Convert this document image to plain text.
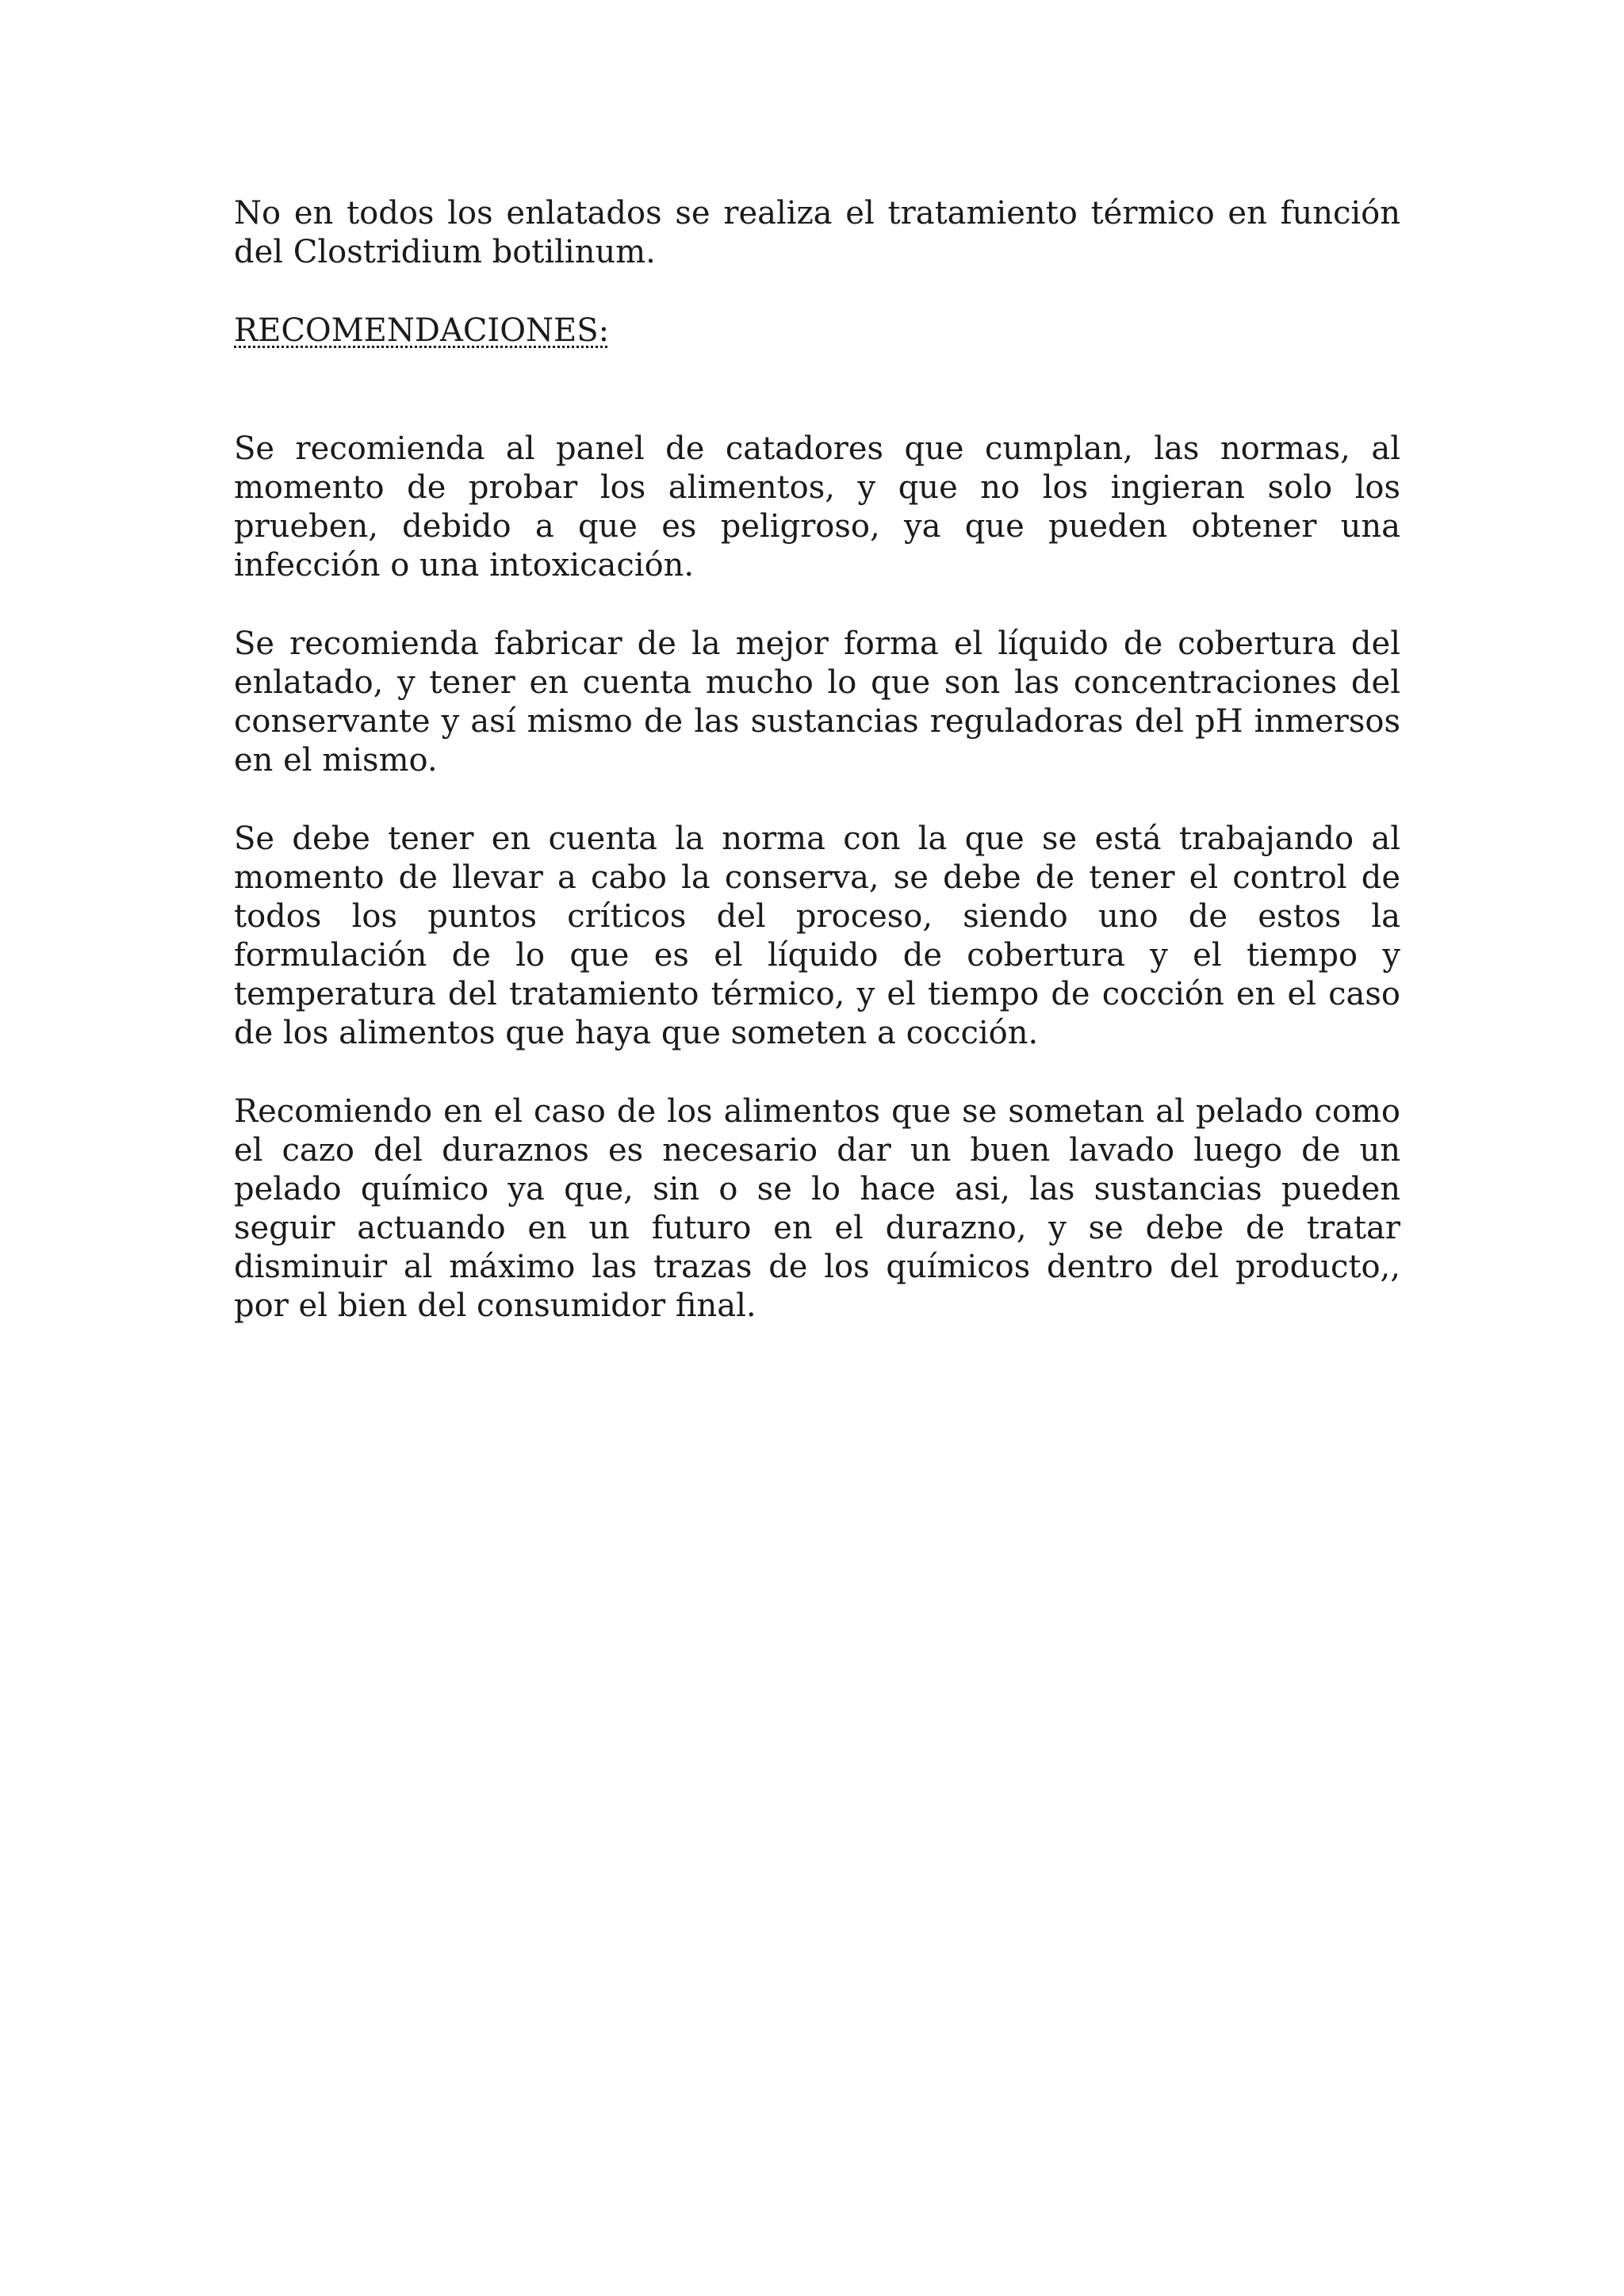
No en todos los enlatados se realiza el tratamiento térmico en función del Clostridium botilinum.

RECOMENDACIONES:

Se recomienda al panel de catadores que cumplan, las normas, al momento de probar los alimentos, y que no los ingieran solo los prueben, debido a que es peligroso, ya que pueden obtener una infección o una intoxicación.

Se recomienda fabricar de la mejor forma el líquido de cobertura del enlatado, y tener en cuenta mucho lo que son las concentraciones del conservante y así mismo de las sustancias reguladoras del pH inmersos en el mismo.

Se debe tener en cuenta la norma con la que se está trabajando al momento de llevar a cabo la conserva, se debe de tener el control de todos los puntos críticos del proceso, siendo uno de estos la formulación de lo que es el líquido de cobertura y el tiempo y temperatura del tratamiento térmico, y el tiempo de cocción en el caso de los alimentos que haya que someten a cocción.

Recomiendo en el caso de los alimentos que se sometan al pelado como el cazo del duraznos es necesario dar un buen lavado luego de un pelado químico ya que, sin o se lo hace asi, las sustancias pueden seguir actuando en un futuro en el durazno, y se debe de tratar disminuir al máximo las trazas de los químicos dentro del producto,, por el bien del consumidor final.
